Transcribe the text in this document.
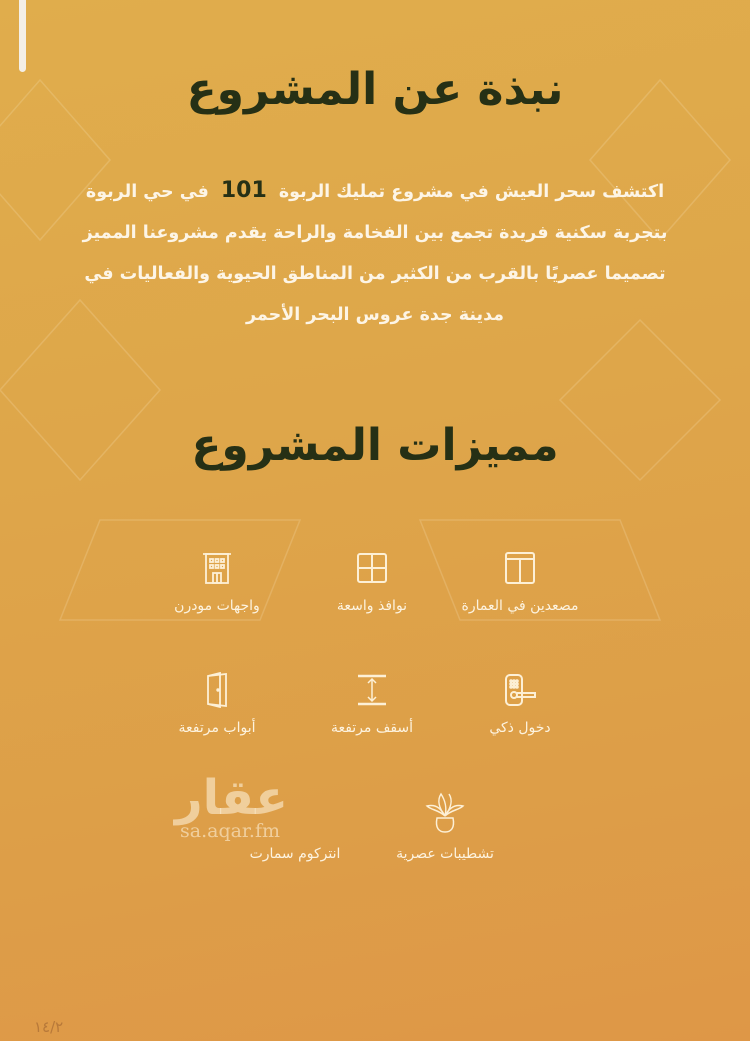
نبذة عن المشروع
اكتشف سحر العيش في مشروع تمليك الربوة101في حي الربوة بتجربة سكنية فريدة تجمع بين الفخامة والراحة يقدم مشروعنا المميز تصميما عصريًا بالقرب من الكثير من المناطق الحيوية والفعاليات في مدينة جدة عروس البحر الأحمر
مميزات المشروع
مصعدين في العمارة
نوافذ واسعة
واجهات مودرن
دخول ذكي
أسقف مرتفعة
أبواب مرتفعة
تشطيبات عصرية
انتركوم سمارت
عقار
sa.aqar.fm
١٤/٢
